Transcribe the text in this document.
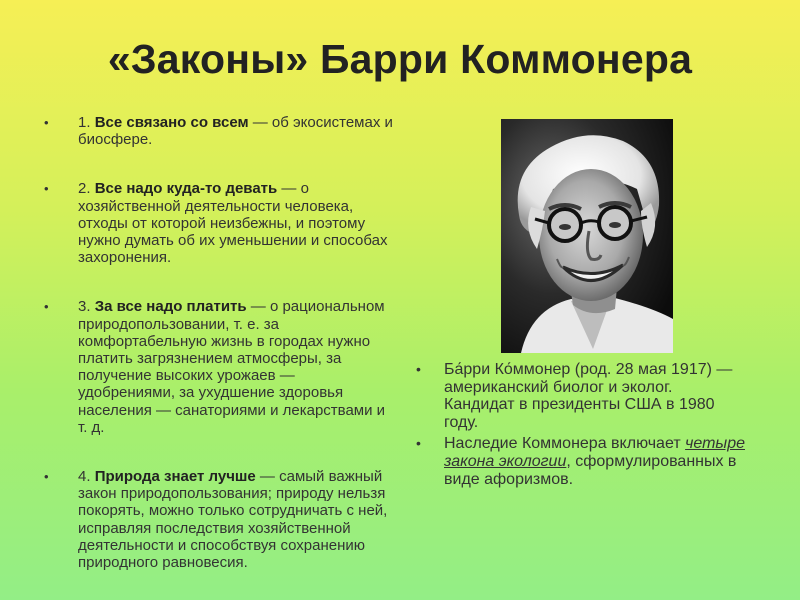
«Законы» Барри Коммонера
• 1. Все связано со всем — об экосистемах и биосфере.
• 2. Все надо куда-то девать — о хозяйственной деятельности человека, отходы от которой неизбежны, и поэтому нужно думать об их уменьшении и способах захоронения.
• 3. За все надо платить — о рациональном природопользовании, т. е. за комфортабельную жизнь в городах нужно платить загрязнением атмосферы, за получение высоких урожаев — удобрениями, за ухудшение здоровья населения — санаториями и лекарствами и т. д.
• 4. Природа знает лучше — самый важный закон природопользования; природу нельзя покорять, можно только сотрудничать с ней, исправляя последствия хозяйственной деятельности и способствуя сохранению природного равновесия.
• Ба́рри Ко́ммонер (род. 28 мая 1917) — американский биолог и эколог. Кандидат в президенты США в 1980 году.
• Наследие Коммонера включает четыре закона экологии, сформулированных в виде афоризмов.
